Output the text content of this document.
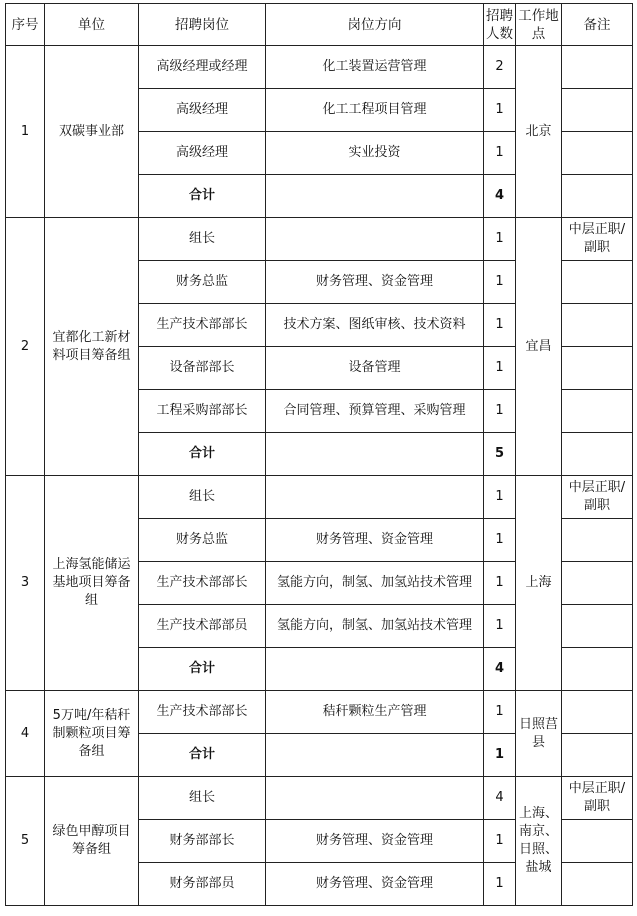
序号	单位	招聘岗位	岗位方向	招聘人数	工作地点	备注
1	双碳事业部	高级经理或经理	化工装置运营管理	2	北京	
		高级经理	化工工程项目管理	1		
		高级经理	实业投资	1		
		合计		4		
2	宜都化工新材料项目筹备组	组长		1	宜昌	中层正职/副职
		财务总监	财务管理、资金管理	1		
		生产技术部部长	技术方案、图纸审核、技术资料	1		
		设备部部长	设备管理	1		
		工程采购部部长	合同管理、预算管理、采购管理	1		
		合计		5		
3	上海氢能储运基地项目筹备组	组长		1	上海	中层正职/副职
		财务总监	财务管理、资金管理	1		
		生产技术部部长	氢能方向，制氢、加氢站技术管理	1		
		生产技术部部员	氢能方向，制氢、加氢站技术管理	1		
		合计		4		
4	5万吨/年秸秆制颗粒项目筹备组	生产技术部部长	秸秆颗粒生产管理	1	日照莒县	
		合计		1		
5	绿色甲醇项目筹备组	组长		4	上海、南京、日照、盐城	中层正职/副职
		财务部部长	财务管理、资金管理	1		
		财务部部员	财务管理、资金管理	1		
